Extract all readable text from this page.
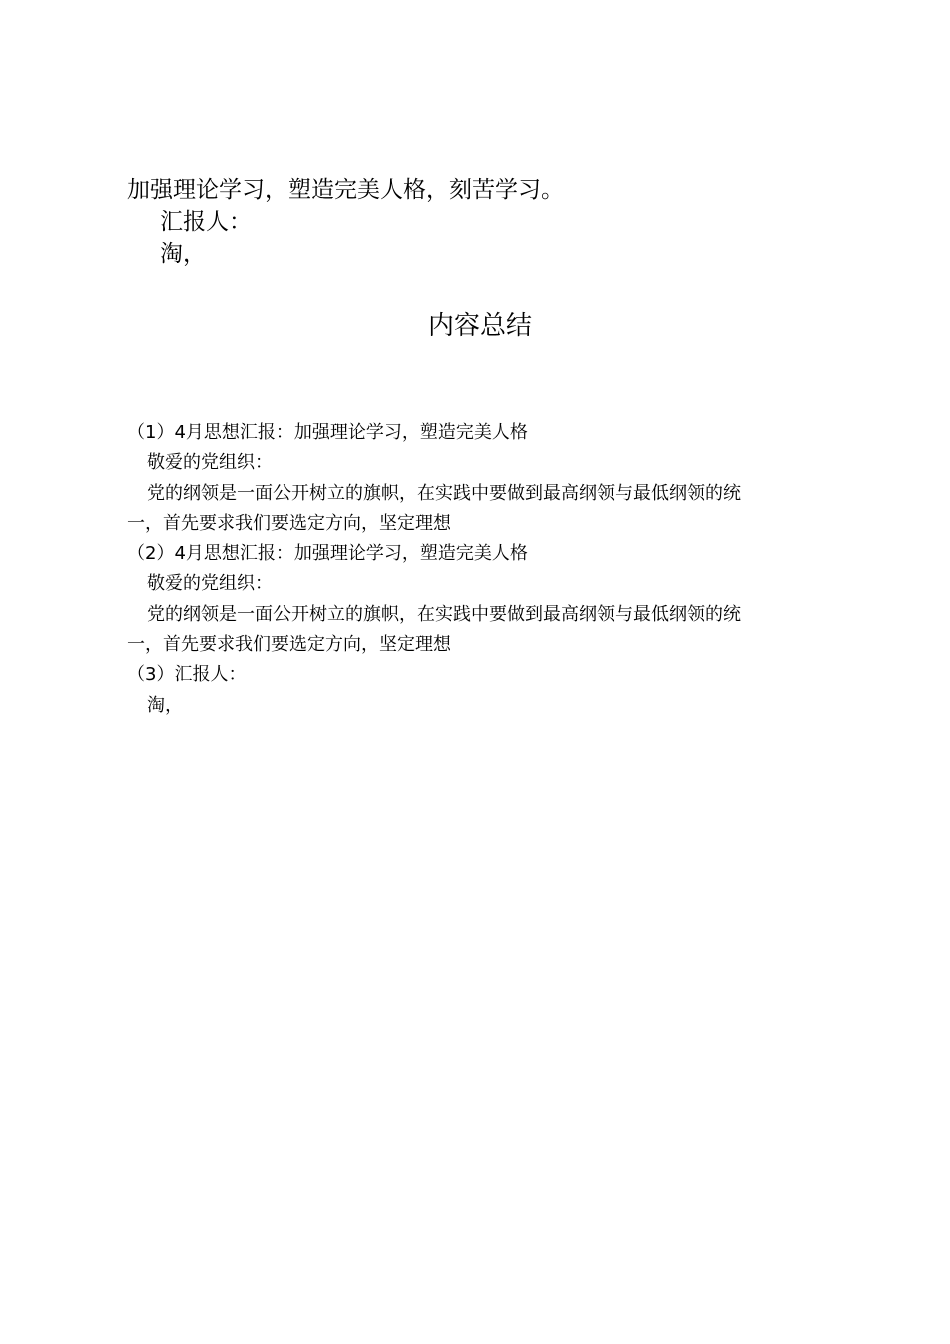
加强理论学习，塑造完美人格，刻苦学习。
汇报人：
淘，
内容总结
（1）4月思想汇报：加强理论学习，塑造完美人格
敬爱的党组织：
党的纲领是一面公开树立的旗帜，在实践中要做到最高纲领与最低纲领的统
一，首先要求我们要选定方向，坚定理想
（2）4月思想汇报：加强理论学习，塑造完美人格
敬爱的党组织：
党的纲领是一面公开树立的旗帜，在实践中要做到最高纲领与最低纲领的统
一，首先要求我们要选定方向，坚定理想
（3）汇报人：
淘，
